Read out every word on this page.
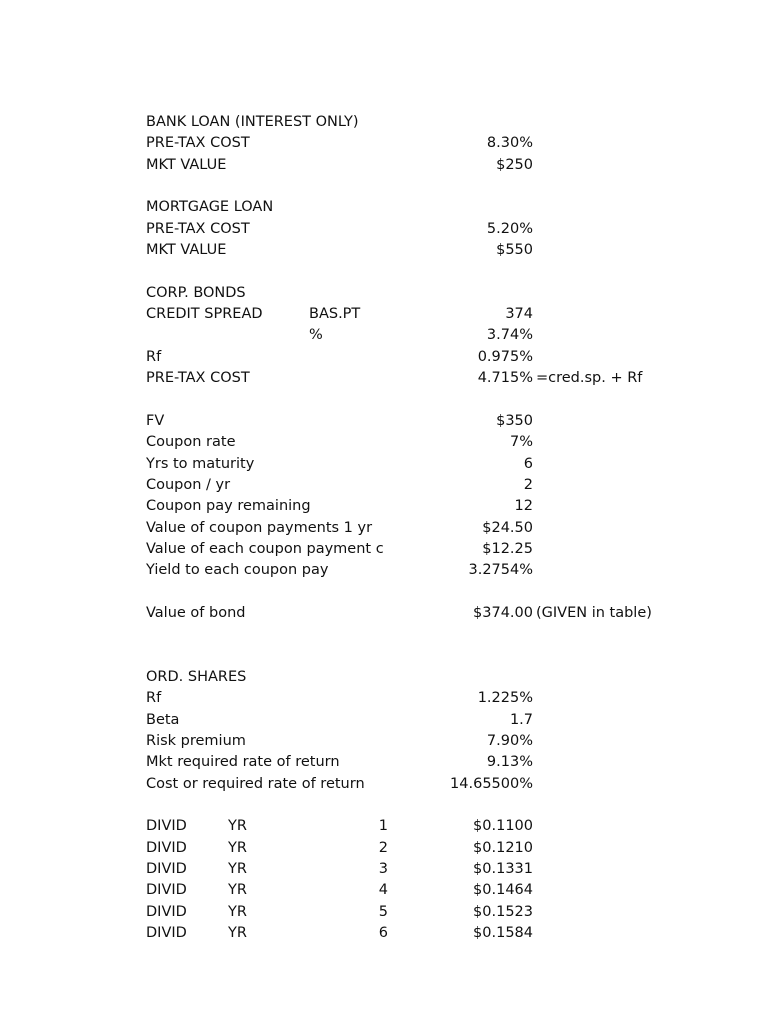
BANK LOAN (INTEREST ONLY)
PRE-TAX COST	8.30%
MKT VALUE	$250
MORTGAGE LOAN
PRE-TAX COST	5.20%
MKT VALUE	$550
CORP. BONDS
CREDIT SPREAD	BAS.PT	374
%	3.74%
Rf	0.975%
PRE-TAX COST	4.715% =cred.sp. + Rf
FV	$350
Coupon rate	7%
Yrs to maturity	6
Coupon / yr	2
Coupon pay remaining	12
Value of coupon payments 1 yr	$24.50
Value of each coupon payment c	$12.25
Yield to each coupon pay	3.2754%
Value of bond	$374.00 (GIVEN in table)
ORD. SHARES
Rf	1.225%
Beta	1.7
Risk premium	7.90%
Mkt required rate of return	9.13%
Cost or required rate of return	14.65500%
DIVID	YR	1	$0.1100
DIVID	YR	2	$0.1210
DIVID	YR	3	$0.1331
DIVID	YR	4	$0.1464
DIVID	YR	5	$0.1523
DIVID	YR	6	$0.1584
